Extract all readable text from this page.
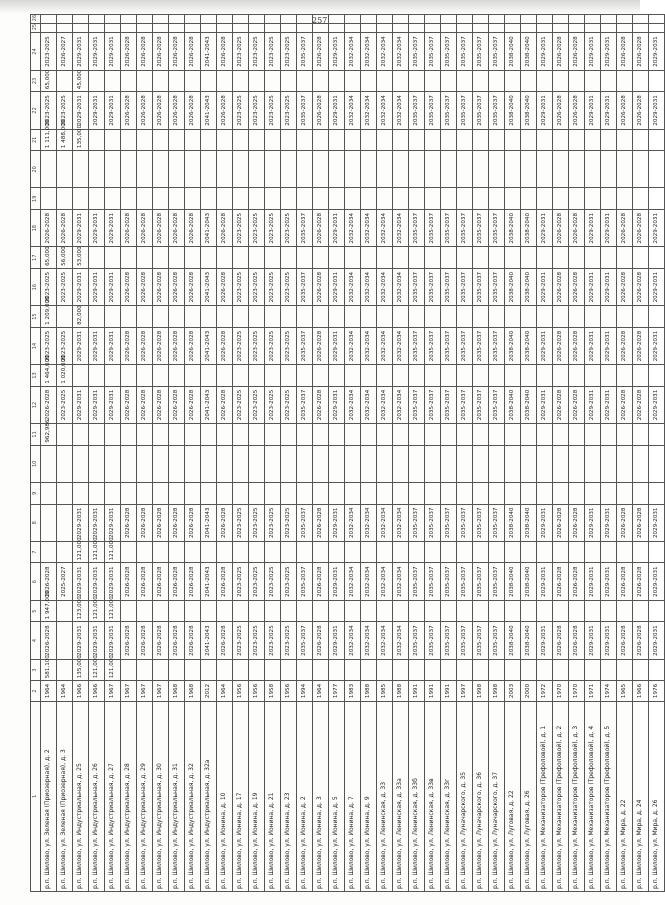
257
1	2	3	4	5	6	7	8	9	10	11	12	13	14	15	16	17	18	19	20	21	22	23	24	25	26
р.п. Шилово, ул. Зеленая (Приозерная), д. 2	1964	581,100	2026-2028	1 947,000	2026-2028					962,986	2026-2028	1 464,000	2023-2025	1 209,000	2023-2025	65,000	2026-2028			1 111,000	2023-2025	65,000	2023-2025		
р.п. Шилово, ул. Зеленая (Приозерная), д. 3	1964				2025-2027						2023-2025	1 020,000	2023-2025		2023-2025	56,000	2026-2028			1 488,000	2023-2025		2026-2027		
р.п. Шилово, ул. Индустриальная, д. 25	1966	135,000	2029-2031	123,000	2029-2031	121,000	2029-2031				2029-2031		2029-2031	82,000	2029-2031	53,000	2029-2031			135,000	2029-2031	45,000	2029-2031		
р.п. Шилово, ул. Индустриальная, д. 26	1966	121,000	2029-2031	121,000	2029-2031	121,000	2029-2031				2029-2031		2029-2031		2029-2031		2029-2031				2029-2031		2029-2031		
р.п. Шилово, ул. Индустриальная, д. 27	1967	121,000	2029-2031	121,000	2029-2031	121,000	2029-2031				2029-2031		2029-2031		2029-2031		2029-2031				2029-2031		2029-2031		
р.п. Шилово, ул. Индустриальная, д. 28	1967		2026-2028		2026-2028		2026-2028				2026-2028		2026-2028		2026-2028		2026-2028				2026-2028		2026-2028		
р.п. Шилово, ул. Индустриальная, д. 29	1967		2026-2028		2026-2028		2026-2028				2026-2028		2026-2028		2026-2028		2026-2028				2026-2028		2026-2028		
р.п. Шилово, ул. Индустриальная, д. 30	1967		2026-2028		2026-2028		2026-2028				2026-2028		2026-2028		2026-2028		2026-2028				2026-2028		2026-2028		
р.п. Шилово, ул. Индустриальная, д. 31	1968		2026-2028		2026-2028		2026-2028				2026-2028		2026-2028		2026-2028		2026-2028				2026-2028		2026-2028		
р.п. Шилово, ул. Индустриальная, д. 32	1968		2026-2028		2026-2028		2026-2028				2026-2028		2026-2028		2026-2028		2026-2028				2026-2028		2026-2028		
р.п. Шилово, ул. Индустриальная, д. 32а	2012		2041-2043		2041-2043		2041-2043				2041-2043		2041-2043		2041-2043		2041-2043				2041-2043		2041-2043		
р.п. Шилово, ул. Ионина, д. 10	1964		2026-2028		2026-2028		2026-2028				2026-2028		2026-2028		2026-2028		2026-2028				2026-2028		2026-2028		
р.п. Шилово, ул. Ионина, д. 17	1956		2023-2025		2023-2025		2023-2025				2023-2025		2023-2025		2023-2025		2023-2025				2023-2025		2023-2025		
р.п. Шилово, ул. Ионина, д. 19	1956		2023-2025		2023-2025		2023-2025				2023-2025		2023-2025		2023-2025		2023-2025				2023-2025		2023-2025		
р.п. Шилово, ул. Ионина, д. 21	1958		2023-2025		2023-2025		2023-2025				2023-2025		2023-2025		2023-2025		2023-2025				2023-2025		2023-2025		
р.п. Шилово, ул. Ионина, д. 23	1956		2023-2025		2023-2025		2023-2025				2023-2025		2023-2025		2023-2025		2023-2025				2023-2025		2023-2025		
р.п. Шилово, ул. Ионина, д. 2	1994		2035-2037		2035-2037		2035-2037				2035-2037		2035-2037		2035-2037		2035-2037				2035-2037		2035-2037		
р.п. Шилово, ул. Ионина, д. 3	1964		2026-2028		2026-2028		2026-2028				2026-2028		2026-2028		2026-2028		2026-2028				2026-2028		2026-2028		
р.п. Шилово, ул. Ионина, д. 5	1977		2029-2031		2029-2031		2029-2031				2029-2031		2029-2031		2029-2031		2029-2031				2029-2031		2029-2031		
р.п. Шилово, ул. Ионина, д. 7	1983		2032-2034		2032-2034		2032-2034				2032-2034		2032-2034		2032-2034		2032-2034				2032-2034		2032-2034		
р.п. Шилово, ул. Ионина, д. 9	1988		2032-2034		2032-2034		2032-2034				2032-2034		2032-2034		2032-2034		2032-2034				2032-2034		2032-2034		
р.п. Шилово, ул. Ленинская, д. 33	1985		2032-2034		2032-2034		2032-2034				2032-2034		2032-2034		2032-2034		2032-2034				2032-2034		2032-2034		
р.п. Шилово, ул. Ленинская, д. 33а	1988		2032-2034		2032-2034		2032-2034				2032-2034		2032-2034		2032-2034		2032-2034				2032-2034		2032-2034		
р.п. Шилово, ул. Ленинская, д. 33б	1991		2035-2037		2035-2037		2035-2037				2035-2037		2035-2037		2035-2037		2035-2037				2035-2037		2035-2037		
р.п. Шилово, ул. Ленинская, д. 33в	1991		2035-2037		2035-2037		2035-2037				2035-2037		2035-2037		2035-2037		2035-2037				2035-2037		2035-2037		
р.п. Шилово, ул. Ленинская, д. 33г	1991		2035-2037		2035-2037		2035-2037				2035-2037		2035-2037		2035-2037		2035-2037				2035-2037		2035-2037		
р.п. Шилово, ул. Луначарского, д. 35	1997		2035-2037		2035-2037		2035-2037				2035-2037		2035-2037		2035-2037		2035-2037				2035-2037		2035-2037		
р.п. Шилово, ул. Луначарского, д. 36	1998		2035-2037		2035-2037		2035-2037				2035-2037		2035-2037		2035-2037		2035-2037				2035-2037		2035-2037		
р.п. Шилово, ул. Луначарского, д. 37	1998		2035-2037		2035-2037		2035-2037				2035-2037		2035-2037		2035-2037		2035-2037				2035-2037		2035-2037		
р.п. Шилово, ул. Луговая, д. 22	2003		2038-2040		2038-2040		2038-2040				2038-2040		2038-2040		2038-2040		2038-2040				2038-2040		2038-2040		
р.п. Шилово, ул. Луговая, д. 26	2000		2038-2040		2038-2040		2038-2040				2038-2040		2038-2040		2038-2040		2038-2040				2038-2040		2038-2040		
р.п. Шилово, ул. Механизаторов (Трефоловой), д. 1	1972		2029-2031		2029-2031		2029-2031				2029-2031		2029-2031		2029-2031		2029-2031				2029-2031		2029-2031		
р.п. Шилово, ул. Механизаторов (Трефоловой), д. 2	1970		2026-2028		2026-2028		2026-2028				2026-2028		2026-2028		2026-2028		2026-2028				2026-2028		2026-2028		
р.п. Шилово, ул. Механизаторов (Трефоловой), д. 3	1970		2026-2028		2026-2028		2026-2028				2026-2028		2026-2028		2026-2028		2026-2028				2026-2028		2026-2028		
р.п. Шилово, ул. Механизаторов (Трефоловой), д. 4	1971		2029-2031		2029-2031		2029-2031				2029-2031		2029-2031		2029-2031		2029-2031				2029-2031		2029-2031		
р.п. Шилово, ул. Механизаторов (Трефоловой), д. 5	1974		2029-2031		2029-2031		2029-2031				2029-2031		2029-2031		2029-2031		2029-2031				2029-2031		2029-2031		
р.п. Шилово, ул. Мира, д. 22	1965		2026-2028		2026-2028		2026-2028				2026-2028		2026-2028		2026-2028		2026-2028				2026-2028		2026-2028		
р.п. Шилово, ул. Мира, д. 24	1966		2026-2028		2026-2028		2026-2028				2026-2028		2026-2028		2026-2028		2026-2028				2026-2028		2026-2028		
р.п. Шилово, ул. Мира, д. 26	1976		2029-2031		2029-2031		2029-2031				2029-2031		2029-2031		2029-2031		2029-2031				2029-2031		2029-2031		
